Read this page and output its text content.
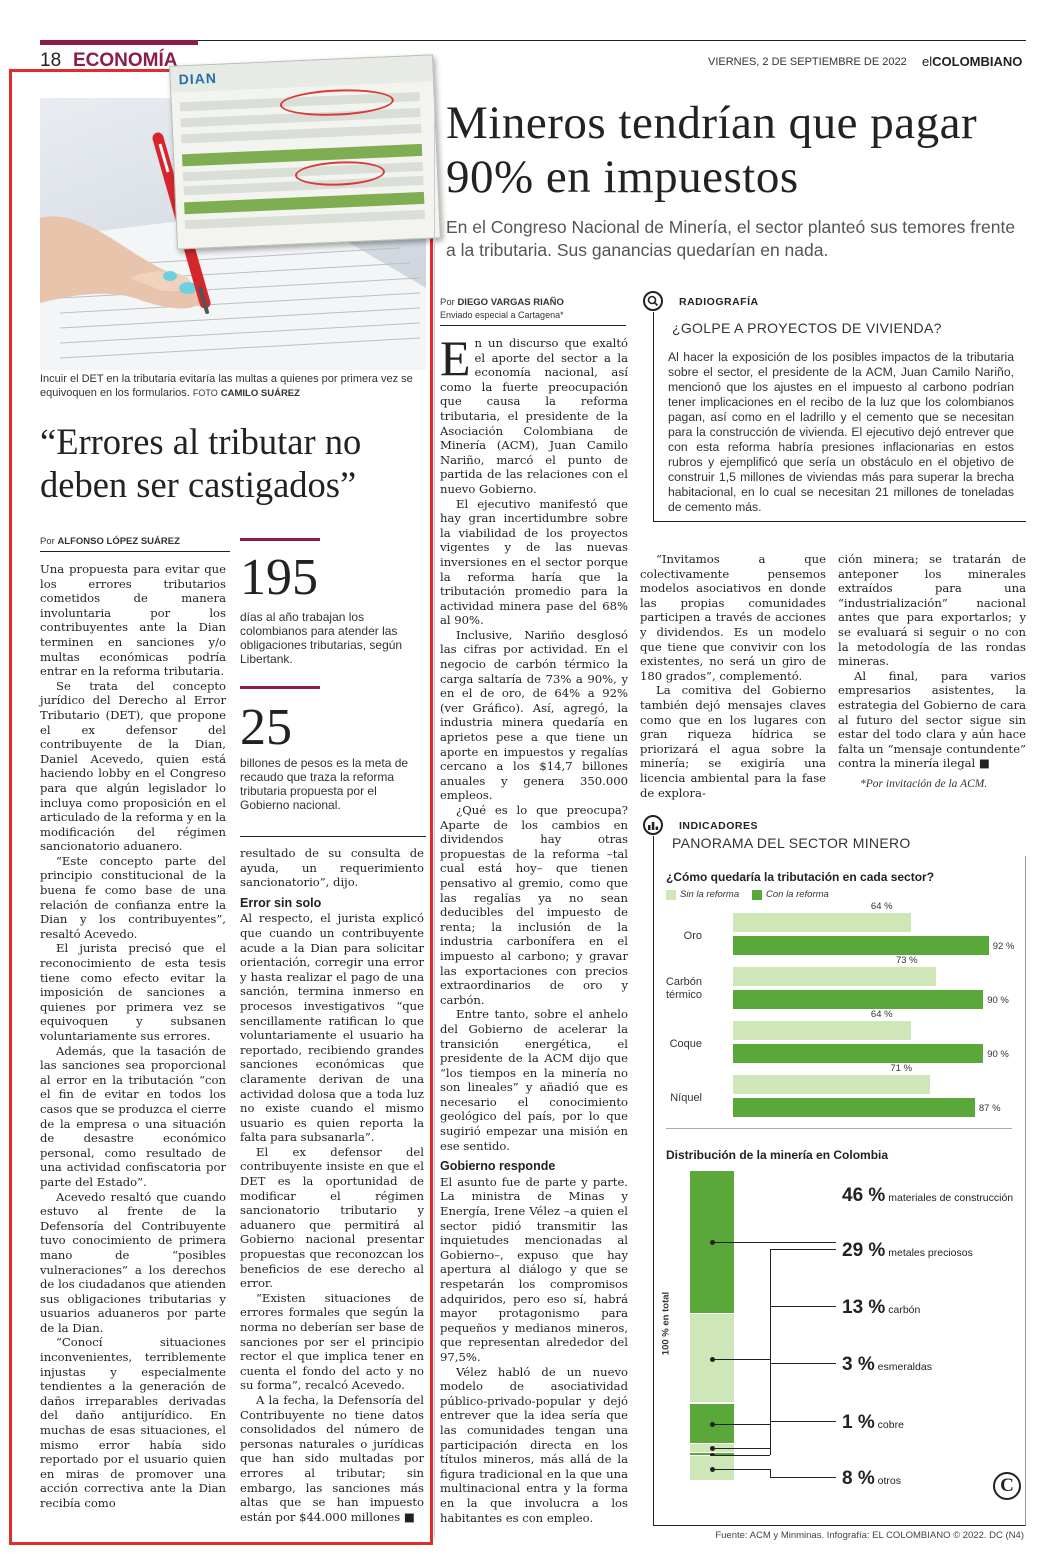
18 ECONOMÍA	VIERNES, 2 DE SEPTIEMBRE DE 2022 elCOLOMBIANO
DIAN
Incuir el DET en la tributaria evitaría las multas a quienes por primera vez se equivoquen en los formularios. FOTO CAMILO SUÁREZ
“Errores al tributar no deben ser castigados”
Por ALFONSO LÓPEZ SUÁREZ

Una propuesta para evitar que los errores tributarios cometidos de manera involuntaria por los contribuyentes ante la Dian terminen en sanciones y/o multas económicas podría entrar en la reforma tributaria.

Se trata del concepto jurídico del Derecho al Error Tributario (DET), que propone el ex defensor del contribuyente de la Dian, Daniel Acevedo, quien está haciendo lobby en el Congreso para que algún legislador lo incluya como proposición en el articulado de la reforma y en la modificación del régimen sancionatorio aduanero.

“Este concepto parte del principio constitucional de la buena fe como base de una relación de confianza entre la Dian y los contribuyentes”, resaltó Acevedo.

El jurista precisó que el reconocimiento de esta tesis tiene como efecto evitar la imposición de sanciones a quienes por primera vez se equivoquen y subsanen voluntariamente sus errores.

Además, que la tasación de las sanciones sea proporcional al error en la tributación “con el fin de evitar en todos los casos que se produzca el cierre de la empresa o una situación de desastre económico personal, como resultado de una actividad confiscatoria por parte del Estado”.

Acevedo resaltó que cuando estuvo al frente de la Defensoría del Contribuyente tuvo conocimiento de primera mano de “posibles vulneraciones” a los derechos de los ciudadanos que atienden sus obligaciones tributarias y usuarios aduaneros por parte de la Dian.

“Conocí situaciones inconvenientes, terriblemente injustas y especialmente tendientes a la generación de daños irreparables derivadas del daño antijurídico. En muchas de esas situaciones, el mismo error había sido reportado por el usuario quien en miras de promover una acción correctiva ante la Dian recibía como

195
días al año trabajan los colombianos para atender las obligaciones tributarias, según Libertank.
25
billones de pesos es la meta de recaudo que traza la reforma tributaria propuesta por el Gobierno nacional.

resultado de su consulta de ayuda, un requerimiento sancionatorio”, dijo.

Error sin solo

Al respecto, el jurista explicó que cuando un contribuyente acude a la Dian para solicitar orientación, corregir una error y hasta realizar el pago de una sanción, termina inmerso en procesos investigativos “que sencillamente ratifican lo que voluntariamente el usuario ha reportado, recibiendo grandes sanciones económicas que claramente derivan de una actividad dolosa que a toda luz no existe cuando el mismo usuario es quien reporta la falta para subsanarla”.

El ex defensor del contribuyente insiste en que el DET es la oportunidad de modificar el régimen sancionatorio tributario y aduanero que permitirá al Gobierno nacional presentar propuestas que reconozcan los beneficios de ese derecho al error.

“Existen situaciones de errores formales que según la norma no deberían ser base de sanciones por ser el principio rector el que implica tener en cuenta el fondo del acto y no su forma”, recalcó Acevedo.

A la fecha, la Defensoría del Contribuyente no tiene datos consolidados del número de personas naturales o jurídicas que han sido multadas por errores al tributar; sin embargo, las sanciones más altas que se han impuesto están por $44.000 millones ■

Mineros tendrían que pagar 90% en impuestos
En el Congreso Nacional de Minería, el sector planteó sus temores frente a la tributaria. Sus ganancias quedarían en nada.
Por DIEGO VARGAS RIAÑO
Enviado especial a Cartagena*

En un discurso que exaltó el aporte del sector a la economía nacional, así como la fuerte preocupación que causa la reforma tributaria, el presidente de la Asociación Colombiana de Minería (ACM), Juan Camilo Nariño, marcó el punto de partida de las relaciones con el nuevo Gobierno.

El ejecutivo manifestó que hay gran incertidumbre sobre la viabilidad de los proyectos vigentes y de las nuevas inversiones en el sector porque la reforma haría que la tributación promedio para la actividad minera pase del 68% al 90%.

Inclusive, Nariño desglosó las cifras por actividad. En el negocio de carbón térmico la carga saltaría de 73% a 90%, y en el de oro, de 64% a 92% (ver Gráfico). Así, agregó, la industria minera quedaría en aprietos pese a que tiene un aporte en impuestos y regalías cercano a los $14,7 billones anuales y genera 350.000 empleos.

¿Qué es lo que preocupa? Aparte de los cambios en dividendos hay otras propuestas de la reforma –tal cual está hoy– que tienen pensativo al gremio, como que las regalías ya no sean deducibles del impuesto de renta; la inclusión de la industria carbonífera en el impuesto al carbono; y gravar las exportaciones con precios extraordinarios de oro y carbón.

Entre tanto, sobre el anhelo del Gobierno de acelerar la transición energética, el presidente de la ACM dijo que “los tiempos en la minería no son lineales” y añadió que es necesario el conocimiento geológico del país, por lo que sugirió empezar una misión en ese sentido.

Gobierno responde

El asunto fue de parte y parte. La ministra de Minas y Energía, Irene Vélez –a quien el sector pidió transmitir las inquietudes mencionadas al Gobierno–, expuso que hay apertura al diálogo y que se respetarán los compromisos adquiridos, pero eso sí, habrá mayor protagonismo para pequeños y medianos mineros, que representan alrededor del 97,5%.

Vélez habló de un nuevo modelo de asociatividad público-privado-popular y dejó entrever que la idea sería que las comunidades tengan una participación directa en los títulos mineros, más allá de la figura tradicional en la que una multinacional entra y la forma en la que involucra a los habitantes es con empleo.

RADIOGRAFÍA
¿GOLPE A PROYECTOS DE VIVIENDA?
Al hacer la exposición de los posibles impactos de la tributaria sobre el sector, el presidente de la ACM, Juan Camilo Nariño, mencionó que los ajustes en el impuesto al carbono podrían tener implicaciones en el recibo de la luz que los colombianos pagan, así como en el ladrillo y el cemento que se necesitan para la construcción de vivienda. El ejecutivo dejó entrever que con esta reforma habría presiones inflacionarias en estos rubros y ejemplificó que sería un obstáculo en el objetivo de construir 1,5 millones de viviendas más para superar la brecha habitacional, en lo cual se necesitan 21 millones de toneladas de cemento más.

“Invitamos a que colectivamente pensemos modelos asociativos en donde las propias comunidades participen a través de acciones y dividendos. Es un modelo que tiene que convivir con los existentes, no será un giro de 180 grados”, complementó.

La comitiva del Gobierno también dejó mensajes claves como que en los lugares con gran riqueza hídrica se priorizará el agua sobre la minería; se exigiría una licencia ambiental para la fase de explora-

ción minera; se tratarán de anteponer los minerales extraídos para una “industrialización” nacional antes que para exportarlos; y se evaluará si seguir o no con la metodología de las rondas mineras.

Al final, para varios empresarios asistentes, la estrategia del Gobierno de cara al futuro del sector sigue sin estar del todo clara y aún hace falta un “mensaje contundente” contra la minería ilegal ■

*Por invitación de la ACM.
INDICADORES
PANORAMA DEL SECTOR MINERO
¿Cómo quedaría la tributación en cada sector?
Sin la reforma	Con la reforma
Oro
64 %
92 %
Carbón
térmico
73 %
90 %
Coque
64 %
90 %
Níquel
71 %
87 %
Distribución de la minería en Colombia
100 % en total
46 % materiales de construcción
29 % metales preciosos
13 % carbón
3 % esmeraldas
1 % cobre
8 % otros	C
Fuente: ACM y Minminas. Infografía: EL COLOMBIANO © 2022. DC (N4)
